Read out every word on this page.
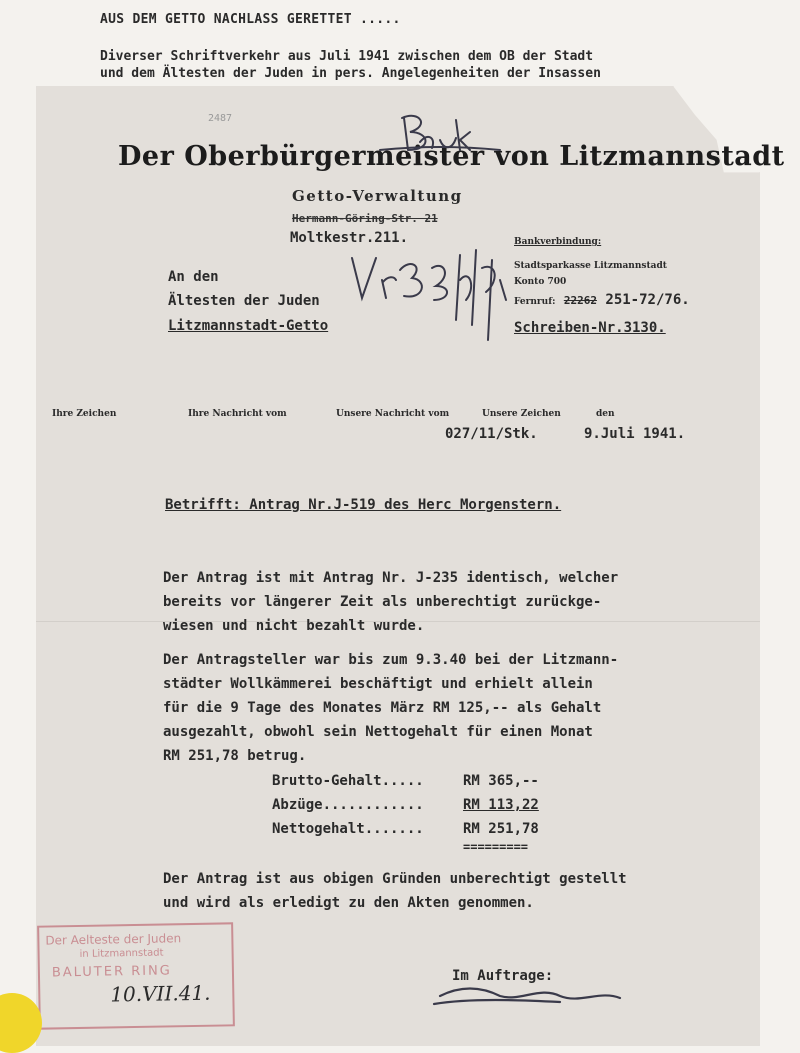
AUS DEM GETTO NACHLASS GERETTET .....
Diverser Schriftverkehr aus Juli 1941 zwischen dem OB der Stadt
und dem Ältesten der Juden in pers. Angelegenheiten der Insassen
2487
Der Oberbürgermeister von Litzmannstadt
Getto-Verwaltung
Hermann-Göring-Str. 21
Moltkestr.211.	Bankverbindung:
Stadtsparkasse Litzmannstadt
Konto 700
Fernruf: 22262 251-72/76.
Schreiben-Nr.3130.
An den
Ältesten der Juden
Litzmannstadt-Getto
Ihre Zeichen	Ihre Nachricht vom	Unsere Nachricht vom	Unsere Zeichen	den
027/11/Stk.	9.Juli 1941.
Betrifft: Antrag Nr.J-519 des Herc Morgenstern.
Der Antrag ist mit Antrag Nr. J-235 identisch, welcher
bereits vor längerer Zeit als unberechtigt zurückge-
wiesen und nicht bezahlt wurde.
Der Antragsteller war bis zum 9.3.40 bei der Litzmann-
städter Wollkämmerei beschäftigt und erhielt allein
für die 9 Tage des Monates März RM 125,-- als Gehalt
ausgezahlt, obwohl sein Nettogehalt für einen Monat
RM 251,78 betrug.
Brutto-Gehalt.....	RM 365,--
Abzüge............	RM 113,22
Nettogehalt.......	RM 251,78
=========
Der Antrag ist aus obigen Gründen unberechtigt gestellt
und wird als erledigt zu den Akten genommen.
Im Auftrage:
Der Aelteste der Juden
in Litzmannstadt
BALUTER RING
10.VII.41.
